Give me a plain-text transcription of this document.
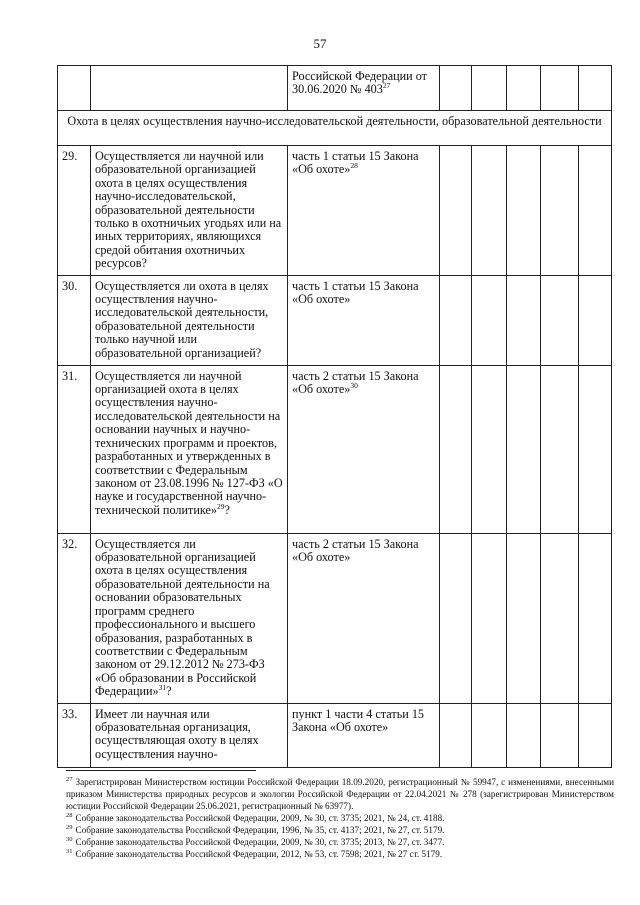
57
		Российской Федерации от 30.06.2020 № $403^{27}$					
Охота в целях осуществления научно-исследовательской деятельности, образовательной деятельности							
29.	Осуществляется ли научной или образовательной организацией охота в целях осуществления научно-исследовательской, образовательной деятельности только в охотничьих угодьях или на иных территориях, являющихся средой обитания охотничьих ресурсов?	часть 1 статьи 15 Закона «Об охоте»$^{28}$					
30.	Осуществляется ли охота в целях осуществления научно-исследовательской деятельности, образовательной деятельности только научной или образовательной организацией?	часть 1 статьи 15 Закона «Об охоте»					
31.	Осуществляется ли научной организацией охота в целях осуществления научно-исследовательской деятельности на основании научных и научно-технических программ и проектов, разработанных и утвержденных в соответствии с Федеральным законом от 23.08.1996 № 127-ФЗ «О науке и государственной научно-технической политике»$^{29}$?	часть 2 статьи 15 Закона «Об охоте»$^{30}$					
32.	Осуществляется ли образовательной организацией охота в целях осуществления образовательной деятельности на основании образовательных программ среднего профессионального и высшего образования, разработанных в соответствии с Федеральным законом от 29.12.2012 № 273-ФЗ «Об образовании в Российской Федерации»$^{31}$?	часть 2 статьи 15 Закона «Об охоте»					
33.	Имеет ли научная или образовательная организация, осуществляющая охоту в целях осуществления научно-	пункт 1 части 4 статьи 15 Закона «Об охоте»					

$^{27}$ Зарегистрирован Министерством юстиции Российской Федерации 18.09.2020, регистрационный № 59947, с изменениями, внесенными приказом Министерства природных ресурсов и экологии Российской Федерации от 22.04.2021 № 278 (зарегистрирован Министерством юстиции Российской Федерации 25.06.2021, регистрационный № 63977).

$^{28}$ Собрание законодательства Российской Федерации, 2009, № 30, ст. 3735; 2021, № 24, ст. 4188.

$^{29}$ Собрание законодательства Российской Федерации, 1996, № 35, ст. 4137; 2021, № 27, ст. 5179.

$^{30}$ Собрание законодательства Российской Федерации, 2009, № 30, ст. 3735; 2013, № 27, ст. 3477.

$^{31}$ Собрание законодательства Российской Федерации, 2012, № 53, ст. 7598; 2021, № 27 ст. 5179.
